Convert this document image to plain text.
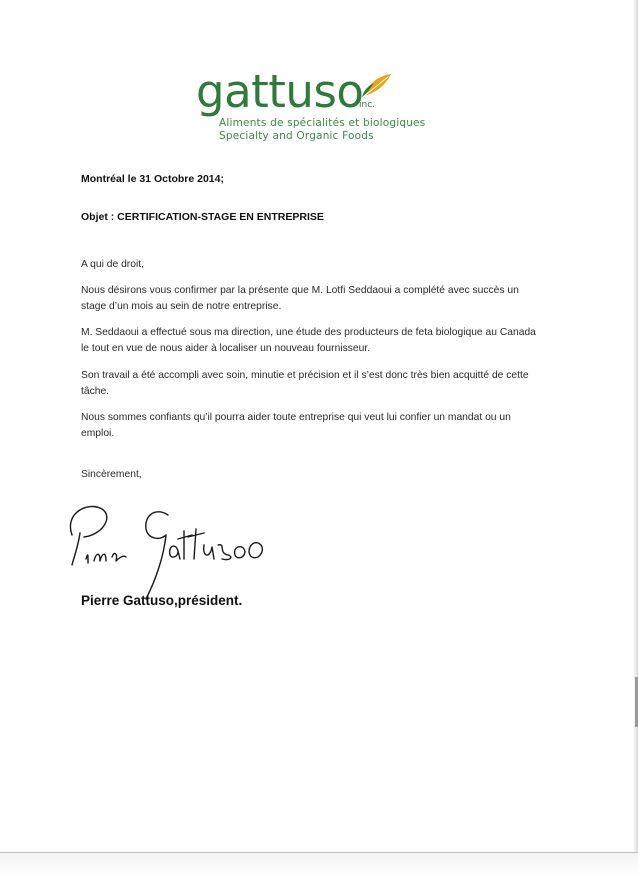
gattuso
inc.
Aliments de spécialités et biologiques
Specialty and Organic Foods
Montréal le 31 Octobre 2014;
Objet : CERTIFICATION-STAGE EN ENTREPRISE
A qui de droit,
Nous désirons vous confirmer par la présente que M. Lotfi Seddaoui a complété avec succès un stage d’un mois au sein de notre entreprise.
M. Seddaoui a effectué sous ma direction, une étude des producteurs de feta biologique au Canada le tout en vue de nous aider à localiser un nouveau fournisseur.
Son travail a été accompli avec soin, minutie et précision et il s’est donc très bien acquitté de cette tâche.
Nous sommes confiants qu’il pourra aider toute entreprise qui veut lui confier un mandat ou un emploi.
Sincèrement,
Pierre Gattuso,président.
